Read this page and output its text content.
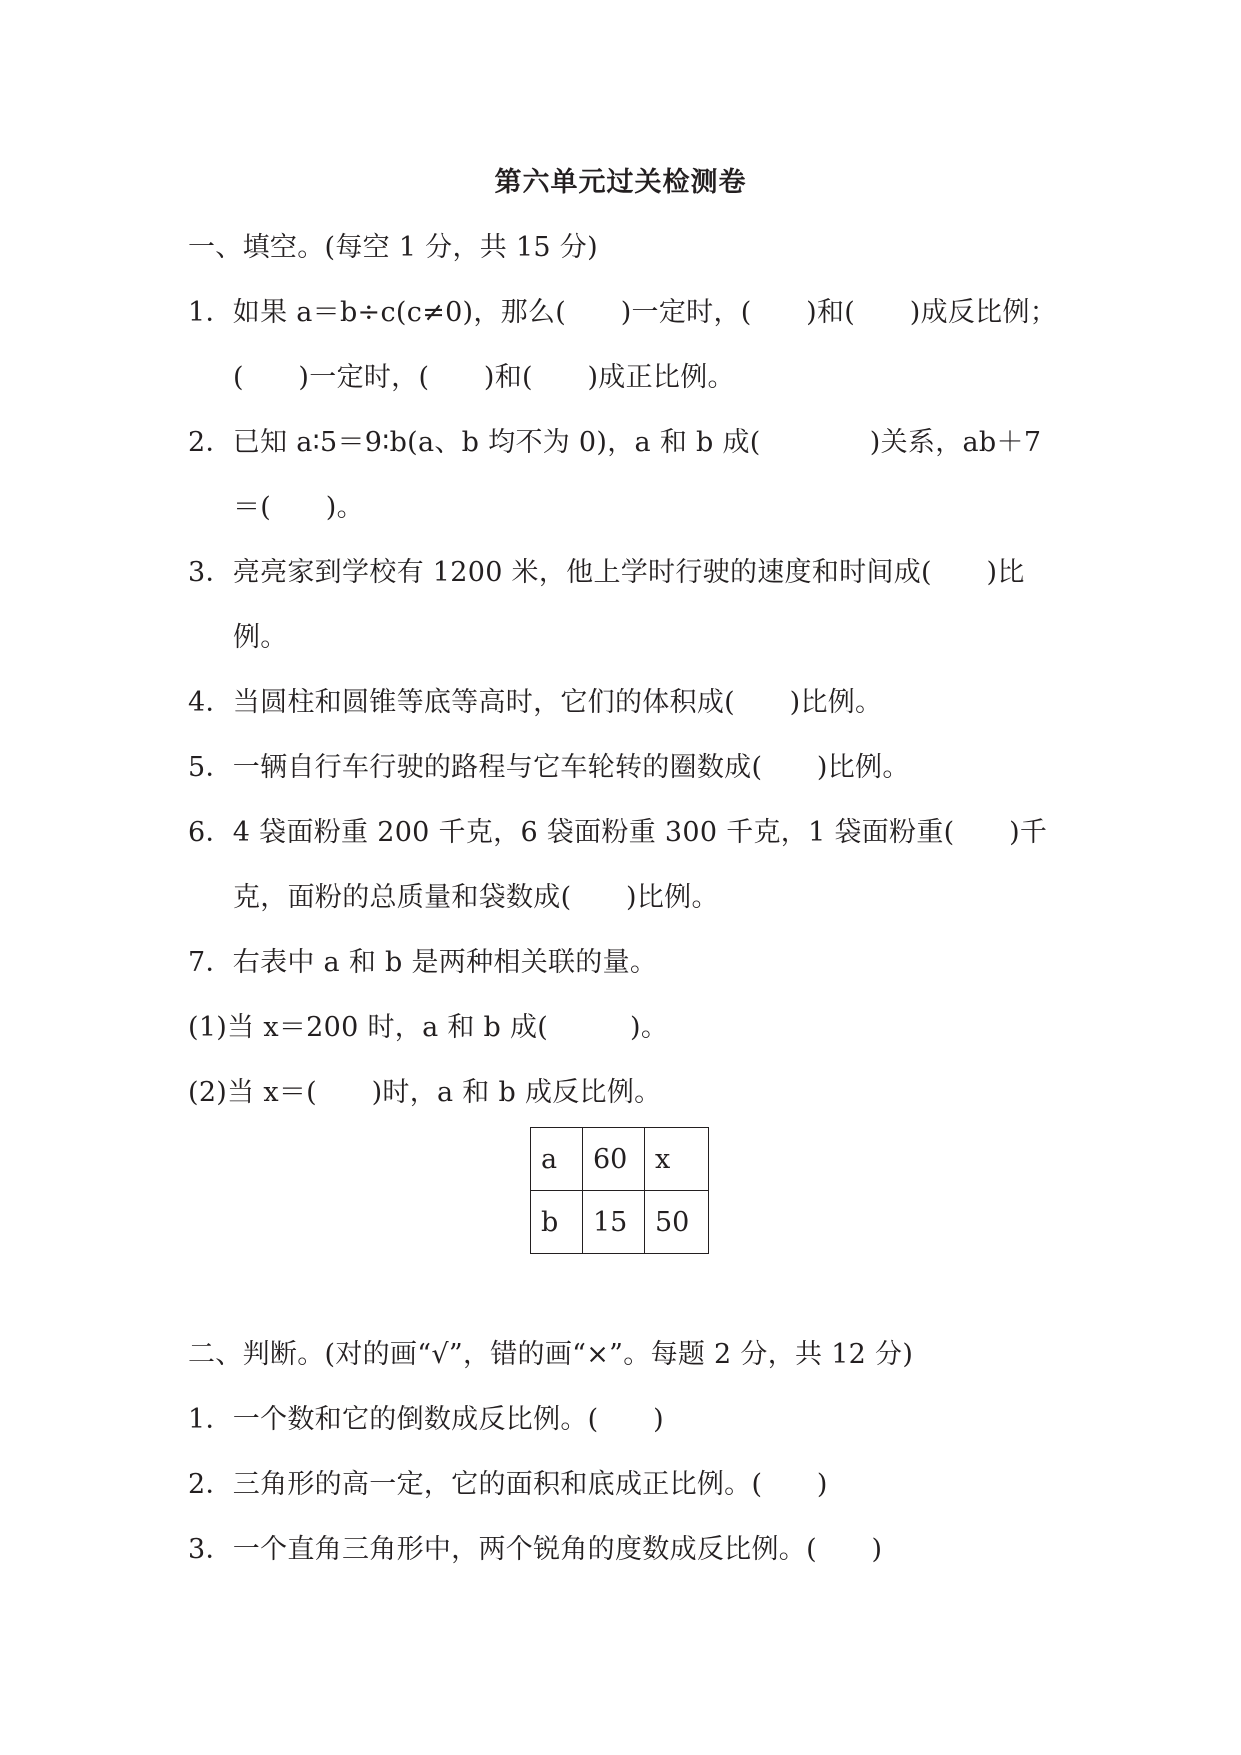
第六单元过关检测卷
一、填空。(每空 1 分，共 15 分)
1．如果 a＝b÷c(c≠0)，那么(　　)一定时，(　　)和(　　)成反比例；
(　　)一定时，(　　)和(　　)成正比例。
2．已知 a∶5＝9∶b(a、b 均不为 0)，a 和 b 成(　　　　)关系，ab＋7
＝(　　)。
3．亮亮家到学校有 1200 米，他上学时行驶的速度和时间成(　　)比
例。
4．当圆柱和圆锥等底等高时，它们的体积成(　　)比例。
5．一辆自行车行驶的路程与它车轮转的圈数成(　　)比例。
6．4 袋面粉重 200 千克，6 袋面粉重 300 千克，1 袋面粉重(　　)千
克，面粉的总质量和袋数成(　　)比例。
7．右表中 a 和 b 是两种相关联的量。
(1)当 x＝200 时，a 和 b 成(　　　)。
(2)当 x＝(　　)时，a 和 b 成反比例。
a	60	x
b	15	50
二、判断。(对的画“√”，错的画“×”。每题 2 分，共 12 分)
1．一个数和它的倒数成反比例。(　　)
2．三角形的高一定，它的面积和底成正比例。(　　)
3．一个直角三角形中，两个锐角的度数成反比例。(　　)
